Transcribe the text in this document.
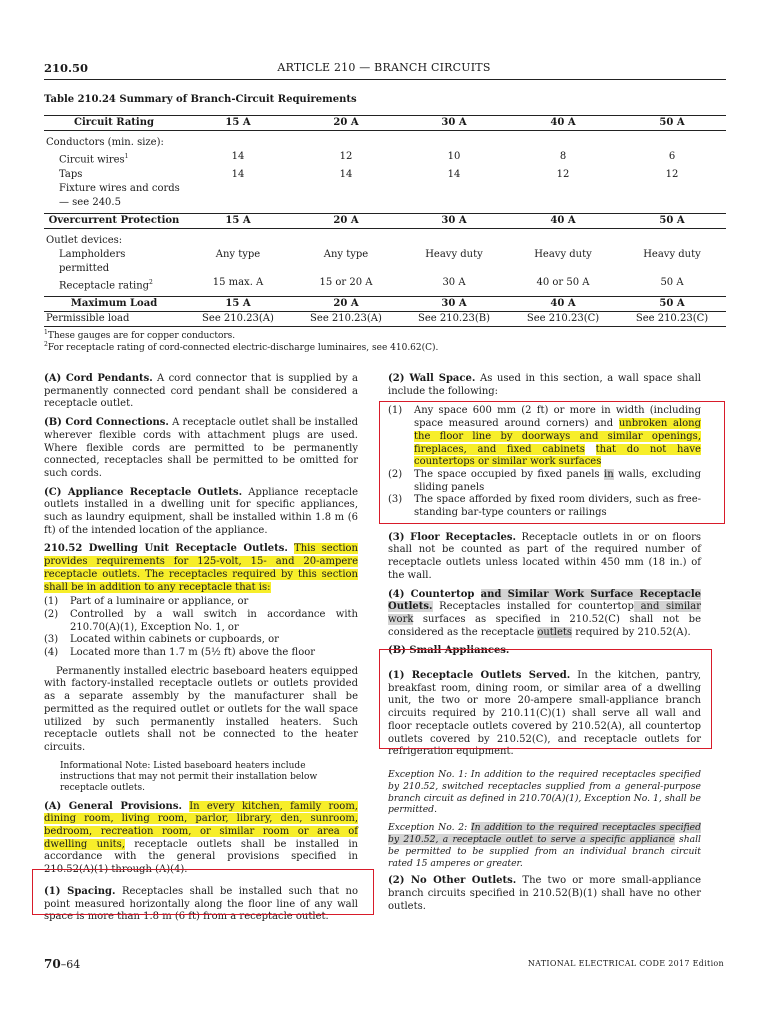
210.50	ARTICLE 210 — BRANCH CIRCUITS
Table 210.24 Summary of Branch-Circuit Requirements
Circuit Rating	15 A	20 A	30 A	40 A	50 A
Conductors (min. size):					
Circuit wires$^1$	14	12	10	8	6
Taps	14	14	14	12	12
Fixture wires and cords					
— see 240.5					
Overcurrent Protection	15 A	20 A	30 A	40 A	50 A
Outlet devices:					
Lampholders	Any type	Any type	Heavy duty	Heavy duty	Heavy duty
permitted					
Receptacle rating$^2$	15 max. A	15 or 20 A	30 A	40 or 50 A	50 A
Maximum Load	15 A	20 A	30 A	40 A	50 A
Permissible load	See 210.23(A)	See 210.23(A)	See 210.23(B)	See 210.23(C)	See 210.23(C)
$^1$These gauges are for copper conductors.
$^2$For receptacle rating of cord-connected electric-discharge luminaires, see 410.62(C).

(A) Cord Pendants. A cord connector that is supplied by a permanently connected cord pendant shall be considered a receptacle outlet.

(B) Cord Connections. A receptacle outlet shall be installed wherever flexible cords with attachment plugs are used. Where flexible cords are permitted to be permanently connected, receptacles shall be permitted to be omitted for such cords.

(C) Appliance Receptacle Outlets. Appliance receptacle outlets installed in a dwelling unit for specific appliances, such as laundry equipment, shall be installed within 1.8 m (6 ft) of the intended location of the appliance.

210.52 Dwelling Unit Receptacle Outlets. This section provides requirements for 125-volt, 15- and 20-ampere receptacle outlets. The receptacles required by this section shall be in addition to any receptacle that is:

(1)	Part of a luminaire or appliance, or
(2)	Controlled by a wall switch in accordance with 210.70(A)(1), Exception No. 1, or
(3)	Located within cabinets or cupboards, or
(4)	Located more than 1.7 m (5½ ft) above the floor

Permanently installed electric baseboard heaters equipped with factory-installed receptacle outlets or outlets provided as a separate assembly by the manufacturer shall be permitted as the required outlet or outlets for the wall space utilized by such permanently installed heaters. Such receptacle outlets shall not be connected to the heater circuits.

Informational Note: Listed baseboard heaters include instructions that may not permit their installation below receptacle outlets.

(A) General Provisions. In every kitchen, family room, dining room, living room, parlor, library, den, sunroom, bedroom, recreation room, or similar room or area of dwelling units, receptacle outlets shall be installed in accordance with the general provisions specified in 210.52(A)(1) through (A)(4).

(1) Spacing. Receptacles shall be installed such that no point measured horizontally along the floor line of any wall space is more than 1.8 m (6 ft) from a receptacle outlet.

(2) Wall Space. As used in this section, a wall space shall include the following:

(1)	Any space 600 mm (2 ft) or more in width (including space measured around corners) and unbroken along the floor line by doorways and similar openings, fireplaces, and fixed cabinets that do not have countertops or similar work surfaces
(2)	The space occupied by fixed panels in walls, excluding sliding panels
(3)	The space afforded by fixed room dividers, such as free-standing bar-type counters or railings

(3) Floor Receptacles. Receptacle outlets in or on floors shall not be counted as part of the required number of receptacle outlets unless located within 450 mm (18 in.) of the wall.

(4) Countertop and Similar Work Surface Receptacle Outlets. Receptacles installed for countertop and similar work surfaces as specified in 210.52(C) shall not be considered as the receptacle outlets required by 210.52(A).

(B) Small Appliances.

(1) Receptacle Outlets Served. In the kitchen, pantry, breakfast room, dining room, or similar area of a dwelling unit, the two or more 20-ampere small-appliance branch circuits required by 210.11(C)(1) shall serve all wall and floor receptacle outlets covered by 210.52(A), all countertop outlets covered by 210.52(C), and receptacle outlets for refrigeration equipment.

Exception No. 1: In addition to the required receptacles specified by 210.52, switched receptacles supplied from a general-purpose branch circuit as defined in 210.70(A)(1), Exception No. 1, shall be permitted.

Exception No. 2: In addition to the required receptacles specified by 210.52, a receptacle outlet to serve a specific appliance shall be permitted to be supplied from an individual branch circuit rated 15 amperes or greater.

(2) No Other Outlets. The two or more small-appliance branch circuits specified in 210.52(B)(1) shall have no other outlets.

70–64	NATIONAL ELECTRICAL CODE 2017 Edition
